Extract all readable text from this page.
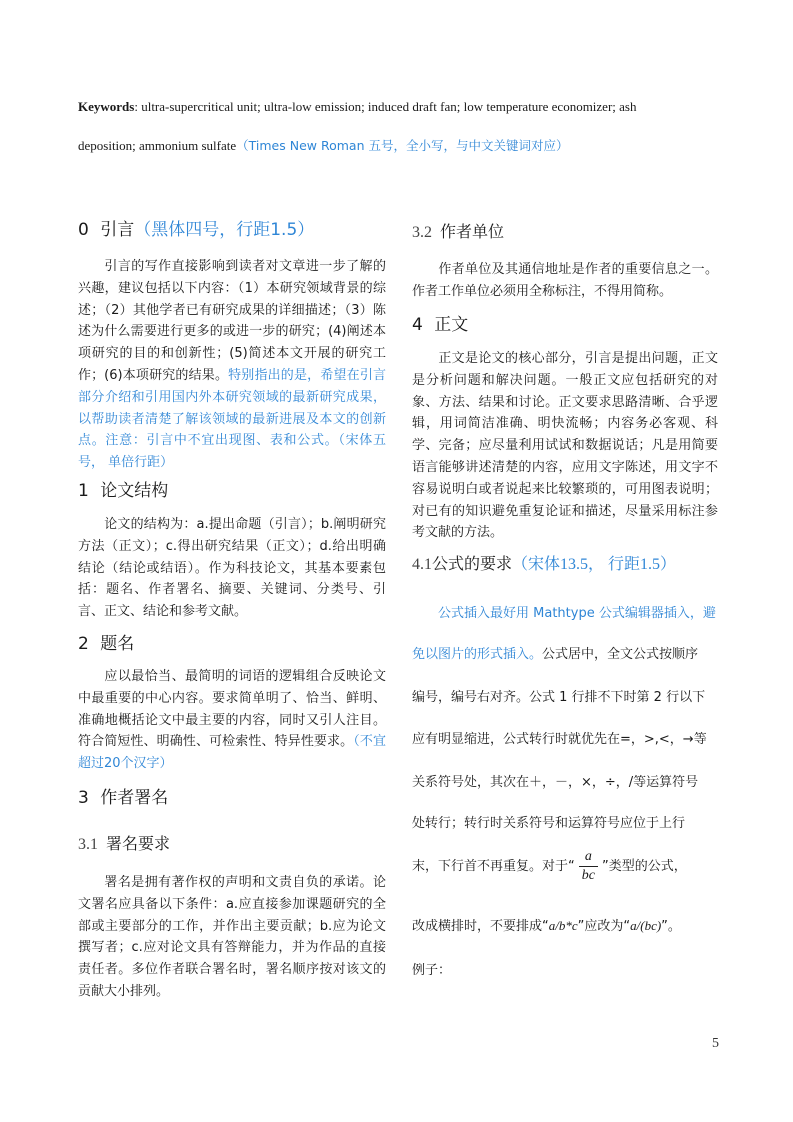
Keywords: ultra-supercritical unit; ultra-low emission; induced draft fan; low temperature economizer; ash
deposition; ammonium sulfate（Times New Roman 五号，全小写，与中文关键词对应）
0 引言（黑体四号，行距1.5）
引言的写作直接影响到读者对文章进一步了解的兴趣，建议包括以下内容：（1）本研究领域背景的综述；（2）其他学者已有研究成果的详细描述；（3）陈述为什么需要进行更多的或进一步的研究；(4)阐述本项研究的目的和创新性；(5)简述本文开展的研究工作；(6)本项研究的结果。特别指出的是，希望在引言部分介绍和引用国内外本研究领域的最新研究成果，以帮助读者清楚了解该领域的最新进展及本文的创新点。注意：引言中不宜出现图、表和公式。（宋体五号， 单倍行距）
1 论文结构
论文的结构为：a.提出命题（引言）；b.阐明研究方法（正文）；c.得出研究结果（正文）；d.给出明确结论（结论或结语）。作为科技论文，其基本要素包括：题名、作者署名、摘要、关键词、分类号、引言、正文、结论和参考文献。
2 题名
应以最恰当、最简明的词语的逻辑组合反映论文中最重要的中心内容。要求简单明了、恰当、鲜明、准确地概括论文中最主要的内容，同时又引人注目。符合简短性、明确性、可检索性、特异性要求。（不宜超过20个汉字）
3 作者署名
3.1 署名要求
署名是拥有著作权的声明和文责自负的承诺。论文署名应具备以下条件：a.应直接参加课题研究的全部或主要部分的工作，并作出主要贡献；b.应为论文撰写者；c.应对论文具有答辩能力，并为作品的直接责任者。多位作者联合署名时，署名顺序按对该文的贡献大小排列。
3.2 作者单位
作者单位及其通信地址是作者的重要信息之一。作者工作单位必须用全称标注，不得用简称。
4 正文
正文是论文的核心部分，引言是提出问题，正文是分析问题和解决问题。一般正文应包括研究的对象、方法、结果和讨论。正文要求思路清晰、合乎逻辑，用词简洁准确、明快流畅；内容务必客观、科学、完备；应尽量利用试试和数据说话；凡是用简要语言能够讲述清楚的内容，应用文字陈述，用文字不容易说明白或者说起来比较繁琐的，可用图表说明；对已有的知识避免重复论证和描述，尽量采用标注参考文献的方法。
4.1公式的要求（宋体13.5， 行距1.5）
公式插入最好用 Mathtype 公式编辑器插入，避
免以图片的形式插入。公式居中，全文公式按顺序
编号，编号右对齐。公式 1 行排不下时第 2 行以下
应有明显缩进，公式转行时就优先在=，>,<，→等
关系符号处，其次在＋，－，×，÷，/等运算符号
处转行；转行时关系符号和运算符号应位于上行
末，下行首不再重复。对于“ $\frac{a}{bc}$ ”类型的公式，
改成横排时，不要排成“a/b*c”应改为“a/(bc)”。
例子：
5
